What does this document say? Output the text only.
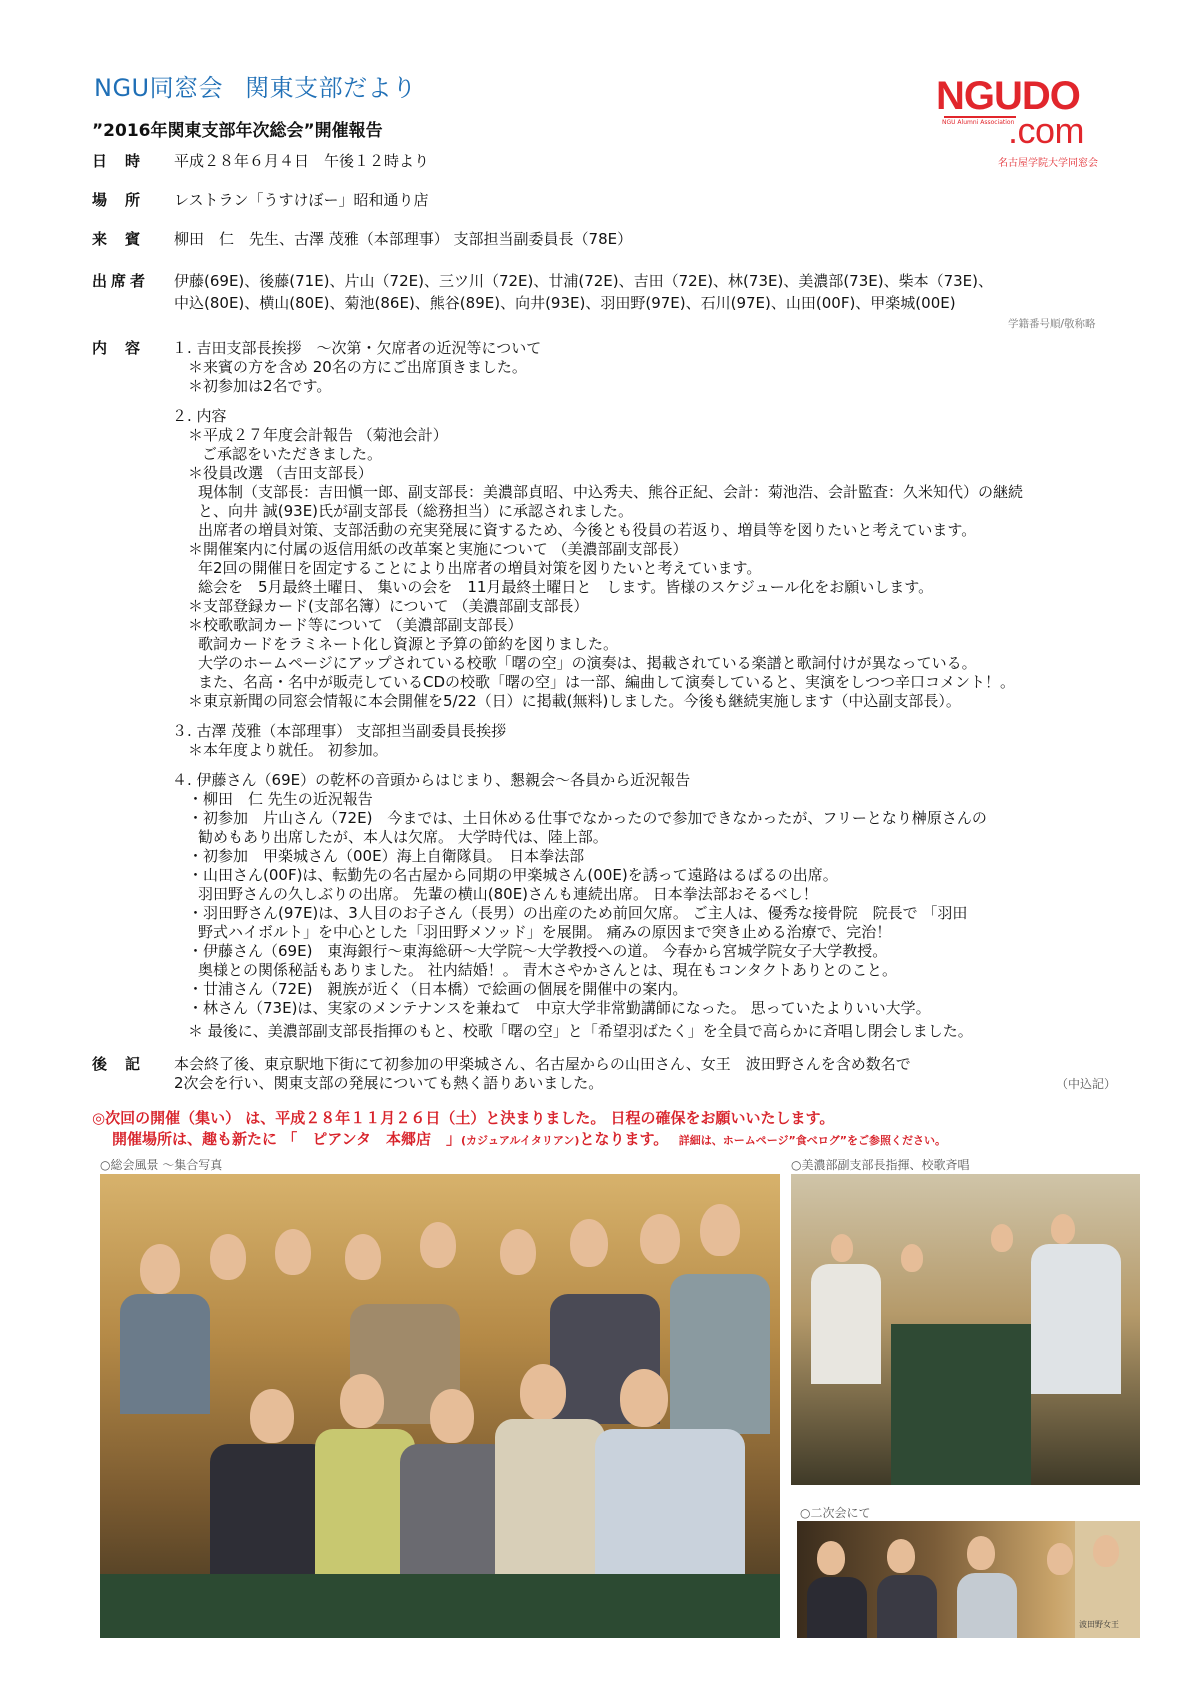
NGU同窓会 関東支部だより
”2016年関東支部年次総会”開催報告
NGUDO
NGU Alumni Association
.com
名古屋学院大学同窓会
日時 平成２８年６月４日　午後１２時より
場所 レストラン「うすけぼー」昭和通り店
来賓 柳田　仁　先生、古澤 茂雅（本部理事） 支部担当副委員長（78E）
出席者 伊藤(69E)、後藤(71E)、片山（72E)、三ツ川（72E)、廿浦(72E)、吉田（72E)、林(73E)、美濃部(73E)、柴本（73E)、
中込(80E)、横山(80E)、菊池(86E)、熊谷(89E)、向井(93E)、羽田野(97E)、石川(97E)、山田(00F)、甲楽城(00E)
学籍番号順/敬称略
内容 １. 吉田支部長挨拶　～次第・欠席者の近況等について
＊来賓の方を含め 20名の方にご出席頂きました。
＊初参加は2名です。
２. 内容
＊平成２７年度会計報告 （菊池会計）
ご承認をいただきました。
＊役員改選 （吉田支部長）
現体制（支部長：吉田愼一郎、副支部長：美濃部貞昭、中込秀夫、熊谷正紀、会計：菊池浩、会計監査：久米知代）の継続
と、向井 誠(93E)氏が副支部長（総務担当）に承認されました。
出席者の増員対策、支部活動の充実発展に資するため、今後とも役員の若返り、増員等を図りたいと考えています。
＊開催案内に付属の返信用紙の改革案と実施について （美濃部副支部長）
年2回の開催日を固定することにより出席者の増員対策を図りたいと考えています。
総会を　5月最終土曜日、 集いの会を　11月最終土曜日と　します。皆様のスケジュール化をお願いします。
＊支部登録カード(支部名簿）について （美濃部副支部長）
＊校歌歌詞カード等について （美濃部副支部長）
歌詞カードをラミネート化し資源と予算の節約を図りました。
大学のホームページにアップされている校歌「曙の空」の演奏は、掲載されている楽譜と歌詞付けが異なっている。
また、名高・名中が販売しているCDの校歌「曙の空」は一部、編曲して演奏していると、実演をしつつ辛口コメント！。
＊東京新聞の同窓会情報に本会開催を5/22（日）に掲載(無料)しました。今後も継続実施します（中込副支部長）。
３. 古澤 茂雅（本部理事） 支部担当副委員長挨拶
＊本年度より就任。 初参加。
４. 伊藤さん（69E）の乾杯の音頭からはじまり、懇親会～各員から近況報告
・柳田　仁 先生の近況報告
・初参加　片山さん（72E)　今までは、土日休める仕事でなかったので参加できなかったが、フリーとなり榊原さんの
勧めもあり出席したが、本人は欠席。 大学時代は、陸上部。
・初参加　甲楽城さん（00E）海上自衛隊員。　日本拳法部
・山田さん(00F)は、転勤先の名古屋から同期の甲楽城さん(00E)を誘って遠路はるばるの出席。
羽田野さんの久しぶりの出席。 先輩の横山(80E)さんも連続出席。 日本拳法部おそるべし！
・羽田野さん(97E)は、3人目のお子さん（長男）の出産のため前回欠席。 ご主人は、優秀な接骨院　院長で 「羽田
野式ハイボルト」を中心とした「羽田野メソッド」を展開。 痛みの原因まで突き止める治療で、完治！
・伊藤さん（69E)　東海銀行～東海総研～大学院～大学教授への道。 今春から宮城学院女子大学教授。
奥様との関係秘話もありました。 社内結婚！。 青木さやかさんとは、現在もコンタクトありとのこと。
・廿浦さん（72E)　親族が近く（日本橋）で絵画の個展を開催中の案内。
・林さん（73E)は、実家のメンテナンスを兼ねて　中京大学非常勤講師になった。 思っていたよりいい大学。
＊ 最後に、美濃部副支部長指揮のもと、校歌「曙の空」と「希望羽ばたく」を全員で高らかに斉唱し閉会しました。
後記 本会終了後、東京駅地下街にて初参加の甲楽城さん、名古屋からの山田さん、女王　波田野さんを含め数名で
2次会を行い、関東支部の発展についても熱く語りあいました。	（中込記）
◎次回の開催（集い） は、平成２８年１１月２６日（土）と決まりました。 日程の確保をお願いいたします。
開催場所は、趣も新たに 「　ピアンタ　本郷店　」(カジュアルイタリアン)となります。 詳細は、ホームページ”食べログ”をご参照ください。
○総会風景 ～集合写真	○美濃部副支部長指揮、校歌斉唱
○二次会にて
波田野女王
